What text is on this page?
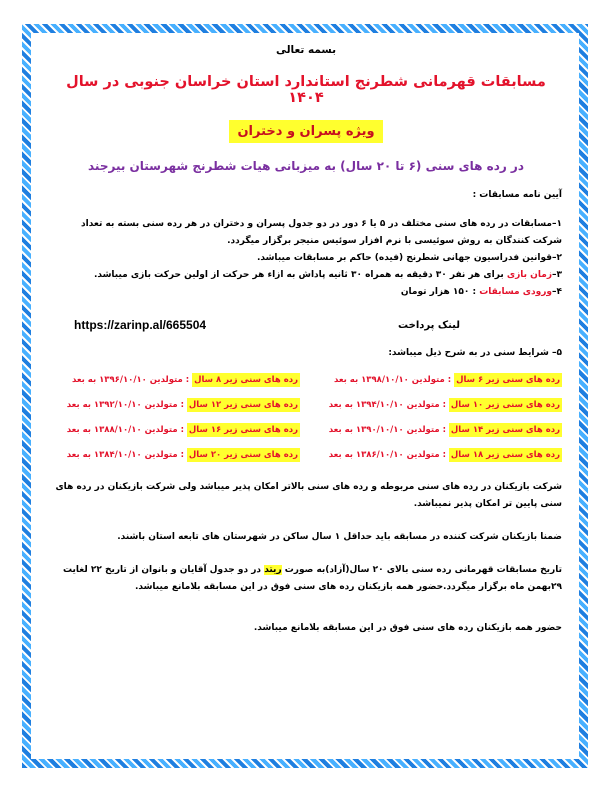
بسمه تعالی
مسابقات قهرمانی شطرنج استاندارد استان خراسان جنوبی در سال ۱۴۰۴
ویژه پسران و دختران
در رده های سنی (۶ تا ۲۰ سال) به میزبانی هیات شطرنج شهرستان بیرجند
آیین نامه مسابقات :
۱–مسابقات در رده های سنی مختلف در ۵ یا ۶ دور در دو جدول پسران و دختران در هر رده سنی بسته به تعداد شرکت کنندگان به روش سوئیسی با نرم افزار سوئیس منیجر برگزار میگردد.
۲–قوانین فدراسیون جهانی شطرنج (فیده) حاکم بر مسابقات میباشد.
۳–زمان بازی برای هر نفر ۳۰ دقیقه به همراه ۳۰ ثانیه پاداش به ازاء هر حرکت از اولین حرکت بازی میباشد.
۴–ورودی مسابقات : ۱۵۰ هزار تومان
لینک پرداخت
https://zarinp.al/665504
۵– شرایط سنی در به شرح ذیل میباشد:
رده های سنی زیر ۶ سال : متولدین ۱۳۹۸/۱۰/۱۰ به بعد
رده های سنی زیر ۸ سال : متولدین ۱۳۹۶/۱۰/۱۰ به بعد
رده های سنی زیر ۱۰ سال : متولدین ۱۳۹۴/۱۰/۱۰ به بعد
رده های سنی زیر ۱۲ سال : متولدین ۱۳۹۲/۱۰/۱۰ به بعد
رده های سنی زیر ۱۴ سال : متولدین ۱۳۹۰/۱۰/۱۰ به بعد
رده های سنی زیر ۱۶ سال : متولدین ۱۳۸۸/۱۰/۱۰ به بعد
رده های سنی زیر ۱۸ سال : متولدین ۱۳۸۶/۱۰/۱۰ به بعد
رده های سنی زیر ۲۰ سال : متولدین ۱۳۸۴/۱۰/۱۰ به بعد
شرکت بازیکنان در رده های سنی مربوطه و رده های سنی بالاتر امکان پذیر میباشد ولی شرکت بازیکنان در رده های سنی پایین تر امکان پذیر نمیباشد.
ضمنا بازیکنان شرکت کننده در مسابقه باید حداقل ۱ سال ساکن در شهرستان های تابعه استان باشند.
تاریخ مسابقات قهرمانی رده سنی بالای ۲۰ سال(آزاد)به صورت ریتد در دو جدول آقایان و بانوان از تاریخ ۲۲ لغایت ۲۹بهمن ماه برگزار میگردد.حضور همه بازیکنان رده های سنی فوق در این مسابقه بلامانع میباشد.
حضور همه بازیکنان رده های سنی فوق در این مسابقه بلامانع میباشد.
